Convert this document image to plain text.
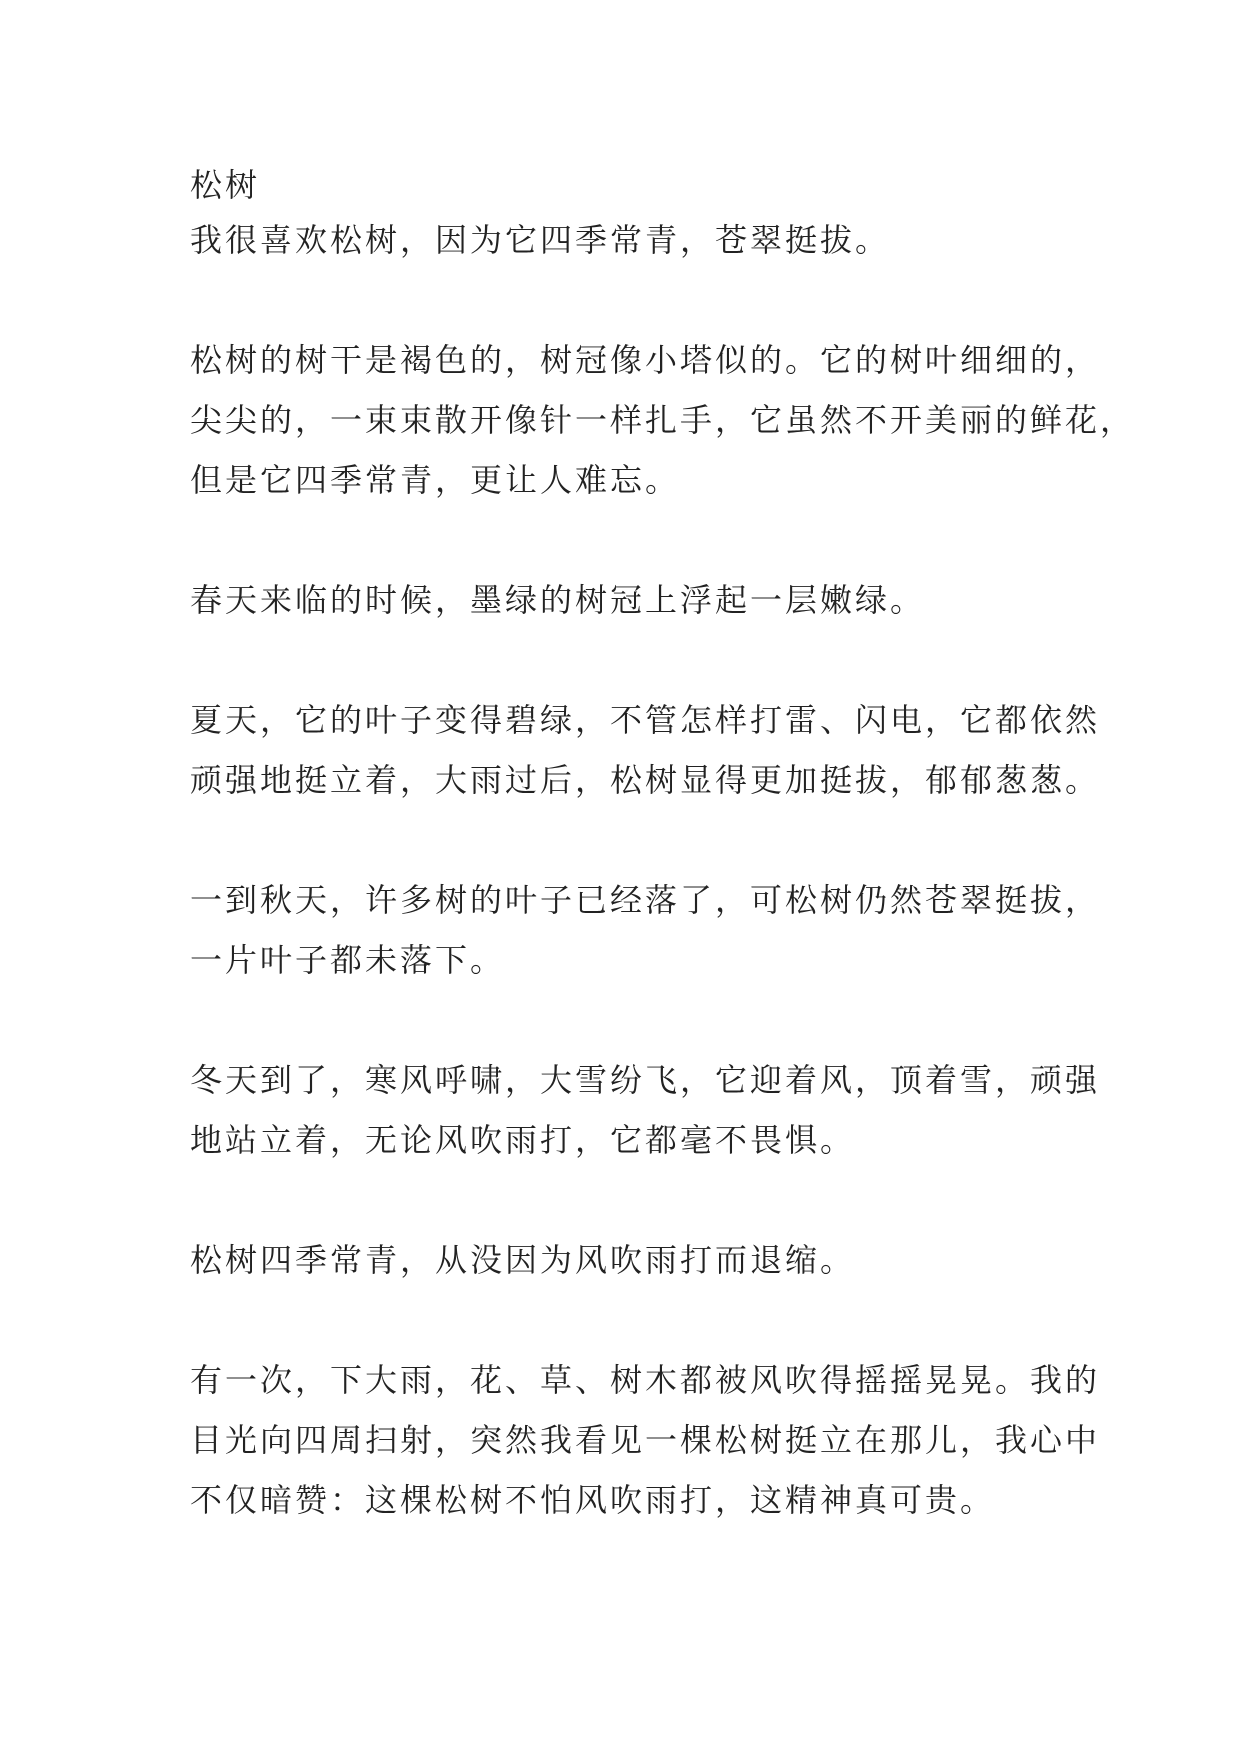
松树
我很喜欢松树，因为它四季常青，苍翠挺拔。
松树的树干是褐色的，树冠像小塔似的。它的树叶细细的，
尖尖的，一束束散开像针一样扎手，它虽然不开美丽的鲜花，
但是它四季常青，更让人难忘。
春天来临的时候，墨绿的树冠上浮起一层嫩绿。
夏天，它的叶子变得碧绿，不管怎样打雷、闪电，它都依然
顽强地挺立着，大雨过后，松树显得更加挺拔，郁郁葱葱。
一到秋天，许多树的叶子已经落了，可松树仍然苍翠挺拔，
一片叶子都未落下。
冬天到了，寒风呼啸，大雪纷飞，它迎着风，顶着雪，顽强
地站立着，无论风吹雨打，它都毫不畏惧。
松树四季常青，从没因为风吹雨打而退缩。
有一次，下大雨，花、草、树木都被风吹得摇摇晃晃。我的
目光向四周扫射，突然我看见一棵松树挺立在那儿，我心中
不仅暗赞：这棵松树不怕风吹雨打，这精神真可贵。
